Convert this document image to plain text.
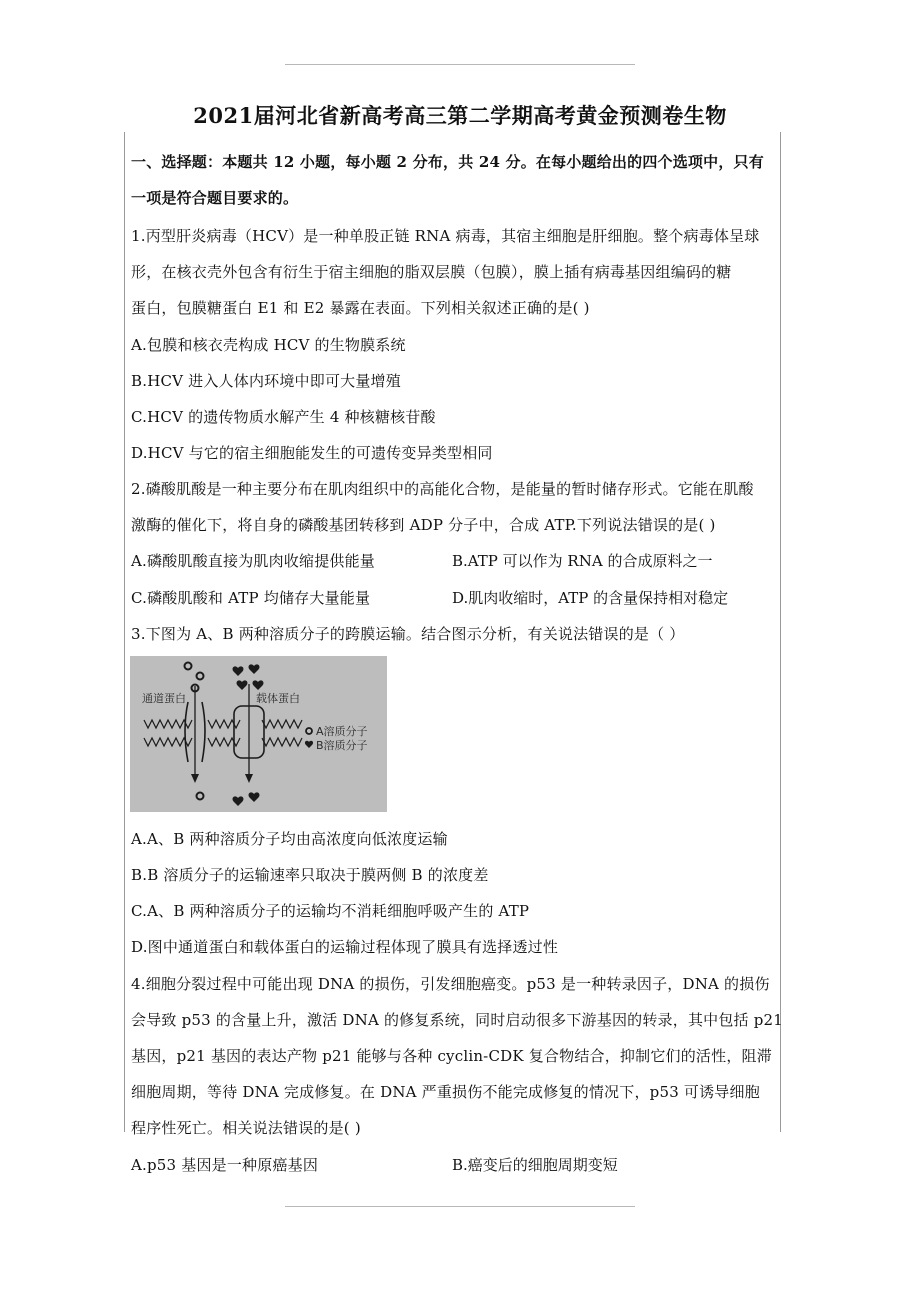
2021届河北省新高考高三第二学期高考黄金预测卷生物
一、选择题：本题共 12 小题，每小题 2 分布，共 24 分。在每小题给出的四个选项中，只有
一项是符合题目要求的。
1.丙型肝炎病毒（HCV）是一种单股正链 RNA 病毒，其宿主细胞是肝细胞。整个病毒体呈球
形，在核衣壳外包含有衍生于宿主细胞的脂双层膜（包膜），膜上插有病毒基因组编码的糖
蛋白，包膜糖蛋白 E1 和 E2 暴露在表面。下列相关叙述正确的是( )
A.包膜和核衣壳构成 HCV 的生物膜系统
B.HCV 进入人体内环境中即可大量增殖
C.HCV 的遗传物质水解产生 4 种核糖核苷酸
D.HCV 与它的宿主细胞能发生的可遗传变异类型相同
2.磷酸肌酸是一种主要分布在肌肉组织中的高能化合物，是能量的暂时储存形式。它能在肌酸
激酶的催化下，将自身的磷酸基团转移到 ADP 分子中，合成 ATP.下列说法错误的是( )
A.磷酸肌酸直接为肌肉收缩提供能量	B.ATP 可以作为 RNA 的合成原料之一
C.磷酸肌酸和 ATP 均储存大量能量	D.肌肉收缩时，ATP 的含量保持相对稳定
3.下图为 A、B 两种溶质分子的跨膜运输。结合图示分析，有关说法错误的是（ ）
通道蛋白	载体蛋白
A溶质分子
B溶质分子
A.A、B 两种溶质分子均由高浓度向低浓度运输
B.B 溶质分子的运输速率只取决于膜两侧 B 的浓度差
C.A、B 两种溶质分子的运输均不消耗细胞呼吸产生的 ATP
D.图中通道蛋白和载体蛋白的运输过程体现了膜具有选择透过性
4.细胞分裂过程中可能出现 DNA 的损伤，引发细胞癌变。p53 是一种转录因子，DNA 的损伤
会导致 p53 的含量上升，激活 DNA 的修复系统，同时启动很多下游基因的转录，其中包括 p21
基因，p21 基因的表达产物 p21 能够与各种 cyclin-CDK 复合物结合，抑制它们的活性，阻滞
细胞周期，等待 DNA 完成修复。在 DNA 严重损伤不能完成修复的情况下，p53 可诱导细胞
程序性死亡。相关说法错误的是( )
A.p53 基因是一种原癌基因	B.癌变后的细胞周期变短
